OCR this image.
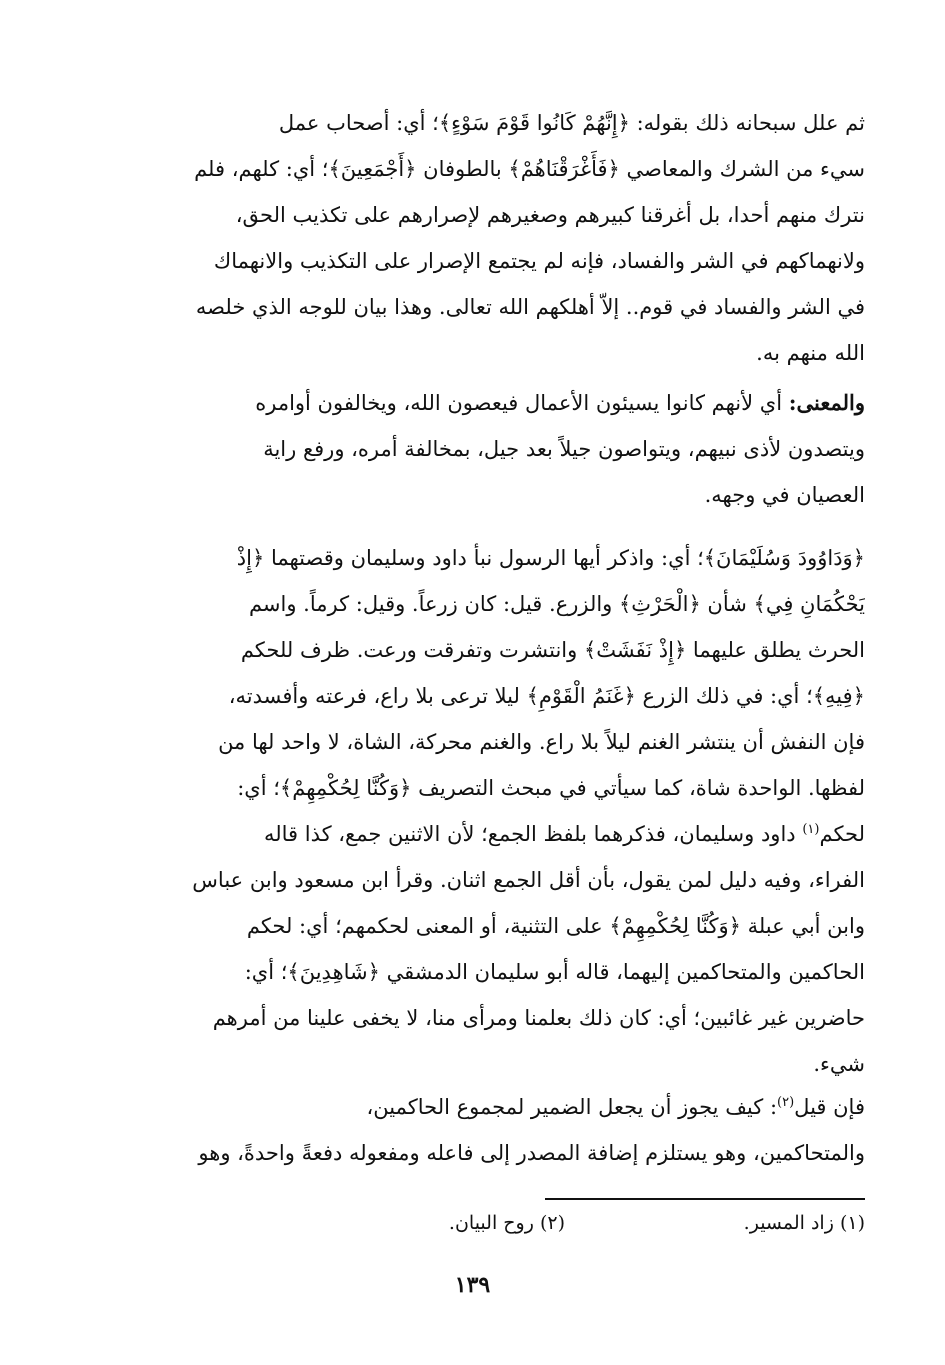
ثم علل سبحانه ذلك بقوله: ﴿إِنَّهُمْ كَانُوا قَوْمَ سَوْءٍ﴾؛ أي: أصحاب عمل
سيء من الشرك والمعاصي ﴿فَأَغْرَقْنَاهُمْ﴾ بالطوفان ﴿أَجْمَعِينَ﴾؛ أي: كلهم، فلم
نترك منهم أحدا، بل أغرقنا كبيرهم وصغيرهم لإصرارهم على تكذيب الحق،
ولانهماكهم في الشر والفساد، فإنه لم يجتمع الإصرار على التكذيب والانهماك
في الشر والفساد في قوم.. إلاّ أهلكهم الله تعالى. وهذا بيان للوجه الذي خلصه
الله منهم به.
والمعنى: أي لأنهم كانوا يسيئون الأعمال فيعصون الله، ويخالفون أوامره
ويتصدون لأذى نبيهم، ويتواصون جيلاً بعد جيل، بمخالفة أمره، ورفع راية
العصيان في وجهه.
﴿وَدَاوُودَ وَسُلَيْمَانَ﴾؛ أي: واذكر أيها الرسول نبأ داود وسليمان وقصتهما ﴿إِذْ
يَحْكُمَانِ فِي﴾ شأن ﴿الْحَرْثِ﴾ والزرع. قيل: كان زرعاً. وقيل: كرماً. واسم
الحرث يطلق عليهما ﴿إِذْ نَفَشَتْ﴾ وانتشرت وتفرقت ورعت. ظرف للحكم
﴿فِيهِ﴾؛ أي: في ذلك الزرع ﴿غَنَمُ الْقَوْمِ﴾ ليلا ترعى بلا راع، فرعته وأفسدته،
فإن النفش أن ينتشر الغنم ليلاً بلا راع. والغنم محركة، الشاة، لا واحد لها من
لفظها. الواحدة شاة، كما سيأتي في مبحث التصريف ﴿وَكُنَّا لِحُكْمِهِمْ﴾؛ أي:
لحكم$^{(١)}$ داود وسليمان، فذكرهما بلفظ الجمع؛ لأن الاثنين جمع، كذا قاله
الفراء، وفيه دليل لمن يقول، بأن أقل الجمع اثنان. وقرأ ابن مسعود وابن عباس
وابن أبي عبلة ﴿وَكُنَّا لِحُكْمِهِمْ﴾ على التثنية، أو المعنى لحكمهم؛ أي: لحكم
الحاكمين والمتحاكمين إليهما، قاله أبو سليمان الدمشقي ﴿شَاهِدِينَ﴾؛ أي:
حاضرين غير غائبين؛ أي: كان ذلك بعلمنا ومرأى منا، لا يخفى علينا من أمرهم
شيء.
فإن قيل$^{(٢)}$: كيف يجوز أن يجعل الضمير لمجموع الحاكمين،
والمتحاكمين، وهو يستلزم إضافة المصدر إلى فاعله ومفعوله دفعةً واحدةً، وهو
(١) زاد المسير.
(٢) روح البيان.
١٣٩
